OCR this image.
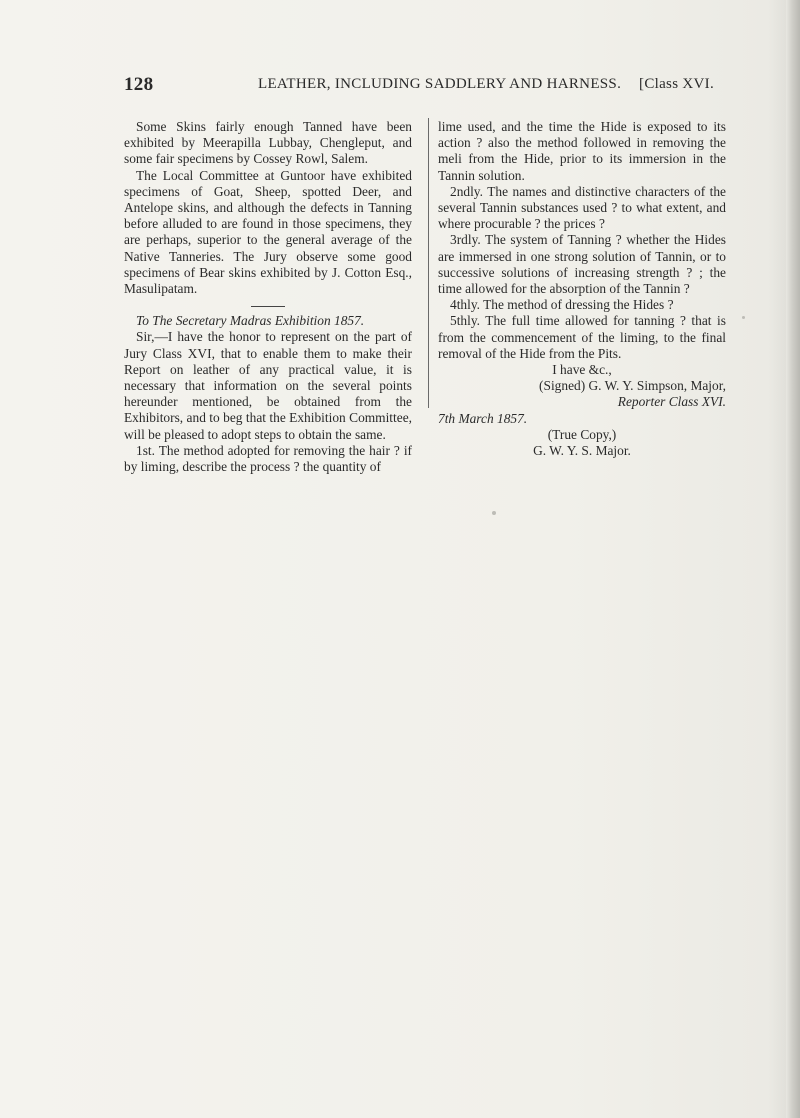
128	LEATHER, INCLUDING SADDLERY AND HARNESS. [Class XVI.

Some Skins fairly enough Tanned have been exhibited by Meerapilla Lubbay, Chengleput, and some fair specimens by Cossey Rowl, Salem.

The Local Committee at Guntoor have exhibited specimens of Goat, Sheep, spotted Deer, and Antelope skins, and although the defects in Tanning before alluded to are found in those specimens, they are perhaps, superior to the general average of the Native Tanneries. The Jury observe some good specimens of Bear skins exhibited by J. Cotton Esq., Masulipatam.

To The Secretary Madras Exhibition 1857.

Sir,—I have the honor to represent on the part of Jury Class XVI, that to enable them to make their Report on leather of any practical value, it is necessary that information on the several points hereunder mentioned, be obtained from the Exhibitors, and to beg that the Exhibition Committee, will be pleased to adopt steps to obtain the same.

1st. The method adopted for removing the hair ? if by liming, describe the process ? the quantity of

lime used, and the time the Hide is exposed to its action ? also the method followed in removing the meli from the Hide, prior to its immersion in the Tannin solution.

2ndly. The names and distinctive characters of the several Tannin substances used ? to what extent, and where procurable ? the prices ?

3rdly. The system of Tanning ? whether the Hides are immersed in one strong solution of Tannin, or to successive solutions of increasing strength ? ; the time allowed for the absorption of the Tannin ?

4thly. The method of dressing the Hides ?

5thly. The full time allowed for tanning ? that is from the commencement of the liming, to the final removal of the Hide from the Pits.

I have &c.,

(Signed) G. W. Y. Simpson, Major,

Reporter Class XVI.

7th March 1857.

(True Copy,)

G. W. Y. S. Major.
